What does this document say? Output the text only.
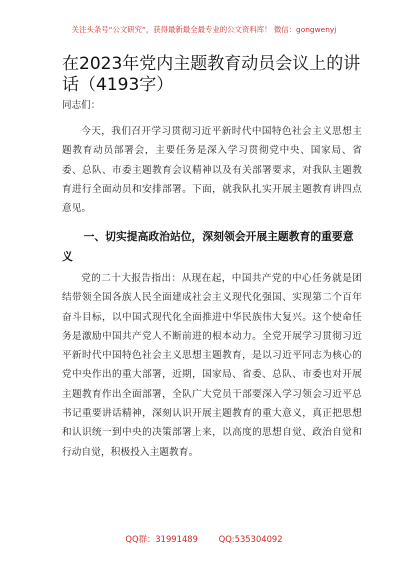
关注头条号“公文研究”，获得最新最全最专业的公文资料库！ 微信：gongwenyj
在2023年党内主题教育动员会议上的讲话（4193字）
同志们：

今天，我们召开学习贯彻习近平新时代中国特色社会主义思想主题教育动员部署会，主要任务是深入学习贯彻党中央、国家局、省委、总队、市委主题教育会议精神以及有关部署要求，对我队主题教育进行全面动员和安排部署。下面，就我队扎实开展主题教育讲四点意见。

一、切实提高政治站位，深刻领会开展主题教育的重要意义

党的二十大报告指出：从现在起，中国共产党的中心任务就是团结带领全国各族人民全面建成社会主义现代化强国、实现第二个百年奋斗目标，以中国式现代化全面推进中华民族伟大复兴。这个使命任务是激励中国共产党人不断前进的根本动力。全党开展学习贯彻习近平新时代中国特色社会主义思想主题教育，是以习近平同志为核心的党中央作出的重大部署，近期，国家局、省委、总队、市委也对开展主题教育作出全面部署，全队广大党员干部要深入学习领会习近平总书记重要讲话精神，深刻认识开展主题教育的重大意义，真正把思想和认识统一到中央的决策部署上来，以高度的思想自觉、政治自觉和行动自觉，积极投入主题教育。

QQ群：31991489 QQ:535304092
